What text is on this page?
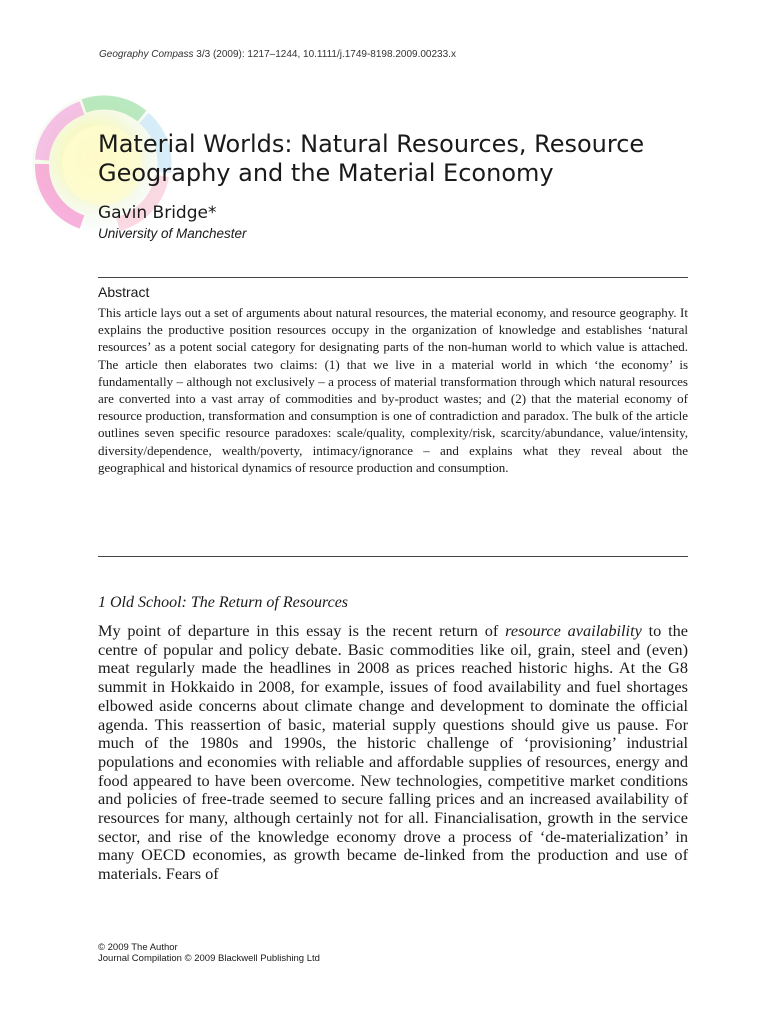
Geography Compass 3/3 (2009): 1217–1244, 10.1111/j.1749-8198.2009.00233.x
Material Worlds: Natural Resources, Resource Geography and the Material Economy
Gavin Bridge*
University of Manchester
Abstract

This article lays out a set of arguments about natural resources, the material economy, and resource geography. It explains the productive position resources occupy in the organization of knowledge and establishes ‘natural resources’ as a potent social category for designating parts of the non-human world to which value is attached. The article then elaborates two claims: (1) that we live in a material world in which ‘the economy’ is fundamentally – although not exclusively – a process of material transformation through which natural resources are converted into a vast array of commodities and by-product wastes; and (2) that the material economy of resource production, transformation and consumption is one of contradiction and paradox. The bulk of the article outlines seven specific resource paradoxes: scale/quality, complexity/risk, scarcity/abundance, value/intensity, diversity/dependence, wealth/poverty, intimacy/ignorance – and explains what they reveal about the geographical and historical dynamics of resource production and consumption.

1 Old School: The Return of Resources

My point of departure in this essay is the recent return of resource availability to the centre of popular and policy debate. Basic commodities like oil, grain, steel and (even) meat regularly made the headlines in 2008 as prices reached historic highs. At the G8 summit in Hokkaido in 2008, for example, issues of food availability and fuel shortages elbowed aside concerns about climate change and development to dominate the official agenda. This reassertion of basic, material supply questions should give us pause. For much of the 1980s and 1990s, the historic challenge of ‘provisioning’ industrial populations and economies with reliable and affordable supplies of resources, energy and food appeared to have been overcome. New technologies, competitive market conditions and policies of free-trade seemed to secure falling prices and an increased availability of resources for many, although certainly not for all. Financialisation, growth in the service sector, and rise of the knowledge economy drove a process of ‘de-materialization’ in many OECD economies, as growth became de-linked from the production and use of materials. Fears of

© 2009 The Author
Journal Compilation © 2009 Blackwell Publishing Ltd
